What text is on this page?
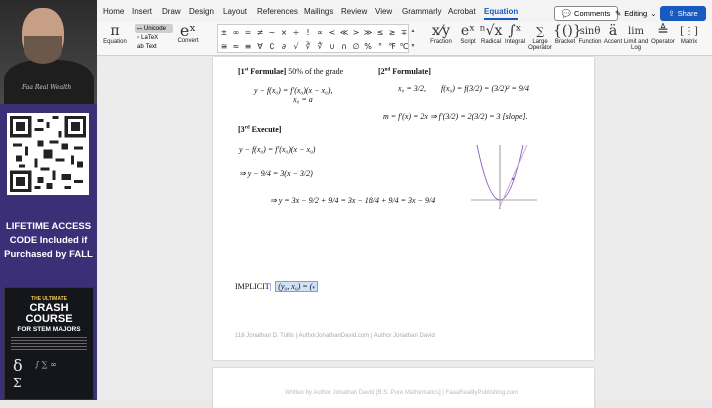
Faa Real Wealth
LIFETIME ACCESS CODE Included if Purchased by FALL
THE ULTIMATE
CRASH COURSE
FOR STEM MAJORS
δ ∫ ∑ ∞
Σ
Home Insert Draw Design Layout References Mailings Review View Grammarly Acrobat Equation	💬 Comments ✎ Editing ⌄ ⇪ Share
π
Equation
ꟷ Unicode
▫ LaTeX
ab Text
eˣ
Convert
± ∞ = ≠ ~ × ÷ ! ∝ < ≪ > ≫ ≤ ≥ ∓
≅ ≈ ≡ ∀ ∁ ∂ √ ∛ ∜ ∪ ∩ ∅ % ° ℉ ℃
▲
▼
x⁄y
Fraction
eˣ
Script
ⁿ√x
Radical
∫ˣ
Integral
∑
Large Operator
{()}
Bracket
sinθ
Function
ä
Accent
lim
Limit and Log
≜
Operator
[⋮]
Matrix
[1st Formulae] 50% of the grade
y − f(x₀) = f′(x₀)(x − x₀),
x₀ = a
[2nd Formulate]
x₀ = 3/2, f(x₀) = f(3/2) = (3/2)² = 9/4
m = f′(x) = 2x ⇒ f′(3/2) = 2(3/2) = 3 [slope].
[3rd Execute]
y − f(x₀) = f′(x₀)(x − x₀)
⇒ y − 9/4 = 3(x − 3/2)
⇒ y = 3x − 9/2 + 9/4 = 3x − 18/4 + 9/4 = 3x − 9/4
IMPLICIT| (y₀, x₀) = (▾
118 Jonathan D. Tullis | AuthorJonathanDavid.com | Author Jonathan David
Written by Author Jonathan David [B.S. Pure Mathematics] | FaaaRealityPublishing.com
